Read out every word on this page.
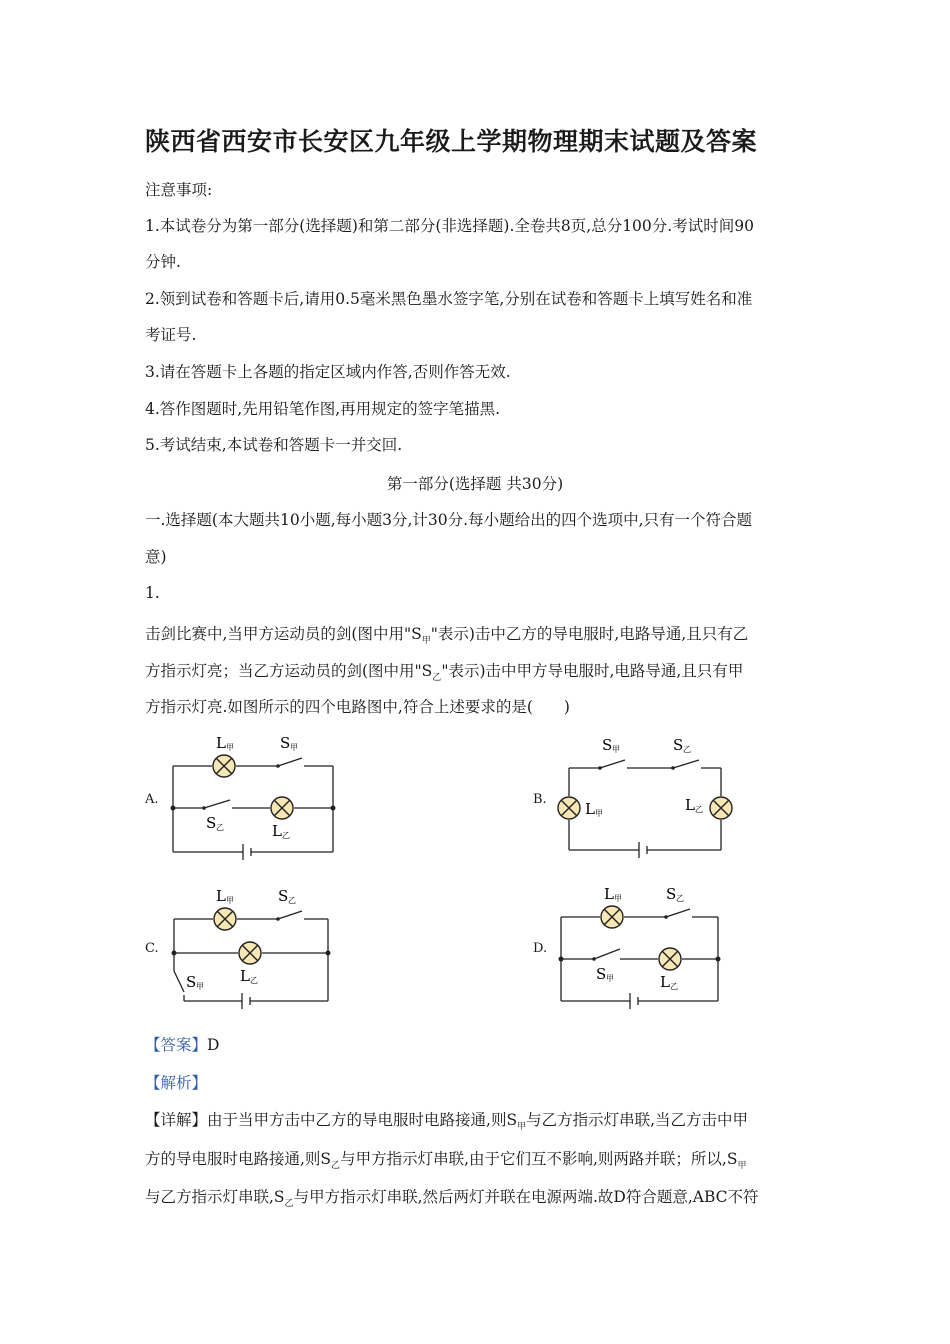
陕西省西安市长安区九年级上学期物理期末试题及答案
注意事项:
1.本试卷分为第一部分(选择题)和第二部分(非选择题).全卷共8页,总分100分.考试时间90
分钟.
2.领到试卷和答题卡后,请用0.5毫米黑色墨水签字笔,分别在试卷和答题卡上填写姓名和准
考证号.
3.请在答题卡上各题的指定区域内作答,否则作答无效.
4.答作图题时,先用铅笔作图,再用规定的签字笔描黑.
5.考试结束,本试卷和答题卡一并交回.
第一部分(选择题 共30分)
一.选择题(本大题共10小题,每小题3分,计30分.每小题给出的四个选项中,只有一个符合题
意)
1.
击剑比赛中,当甲方运动员的剑(图中用"$S_甲$"表示)击中乙方的导电服时,电路导通,且只有乙
方指示灯亮；当乙方运动员的剑(图中用"$S_乙$"表示)击中甲方导电服时,电路导通,且只有甲
方指示灯亮.如图所示的四个电路图中,符合上述要求的是(　　)
A.
L 甲	S 甲
S 乙	L 乙
B.
S 甲	S 乙
L 甲	L 乙
C.
L 甲	S 乙
S 甲
L 乙
D.
L 甲	S 乙
S 甲	L 乙
【答案】D
【解析】
【详解】由于当甲方击中乙方的导电服时电路接通,则$S_甲$与乙方指示灯串联,当乙方击中甲
方的导电服时电路接通,则$S_乙$与甲方指示灯串联,由于它们互不影响,则两路并联；所以$,S_甲$
与乙方指示灯串联$,S_乙$与甲方指示灯串联,然后两灯并联在电源两端.故D符合题意,ABC不符
